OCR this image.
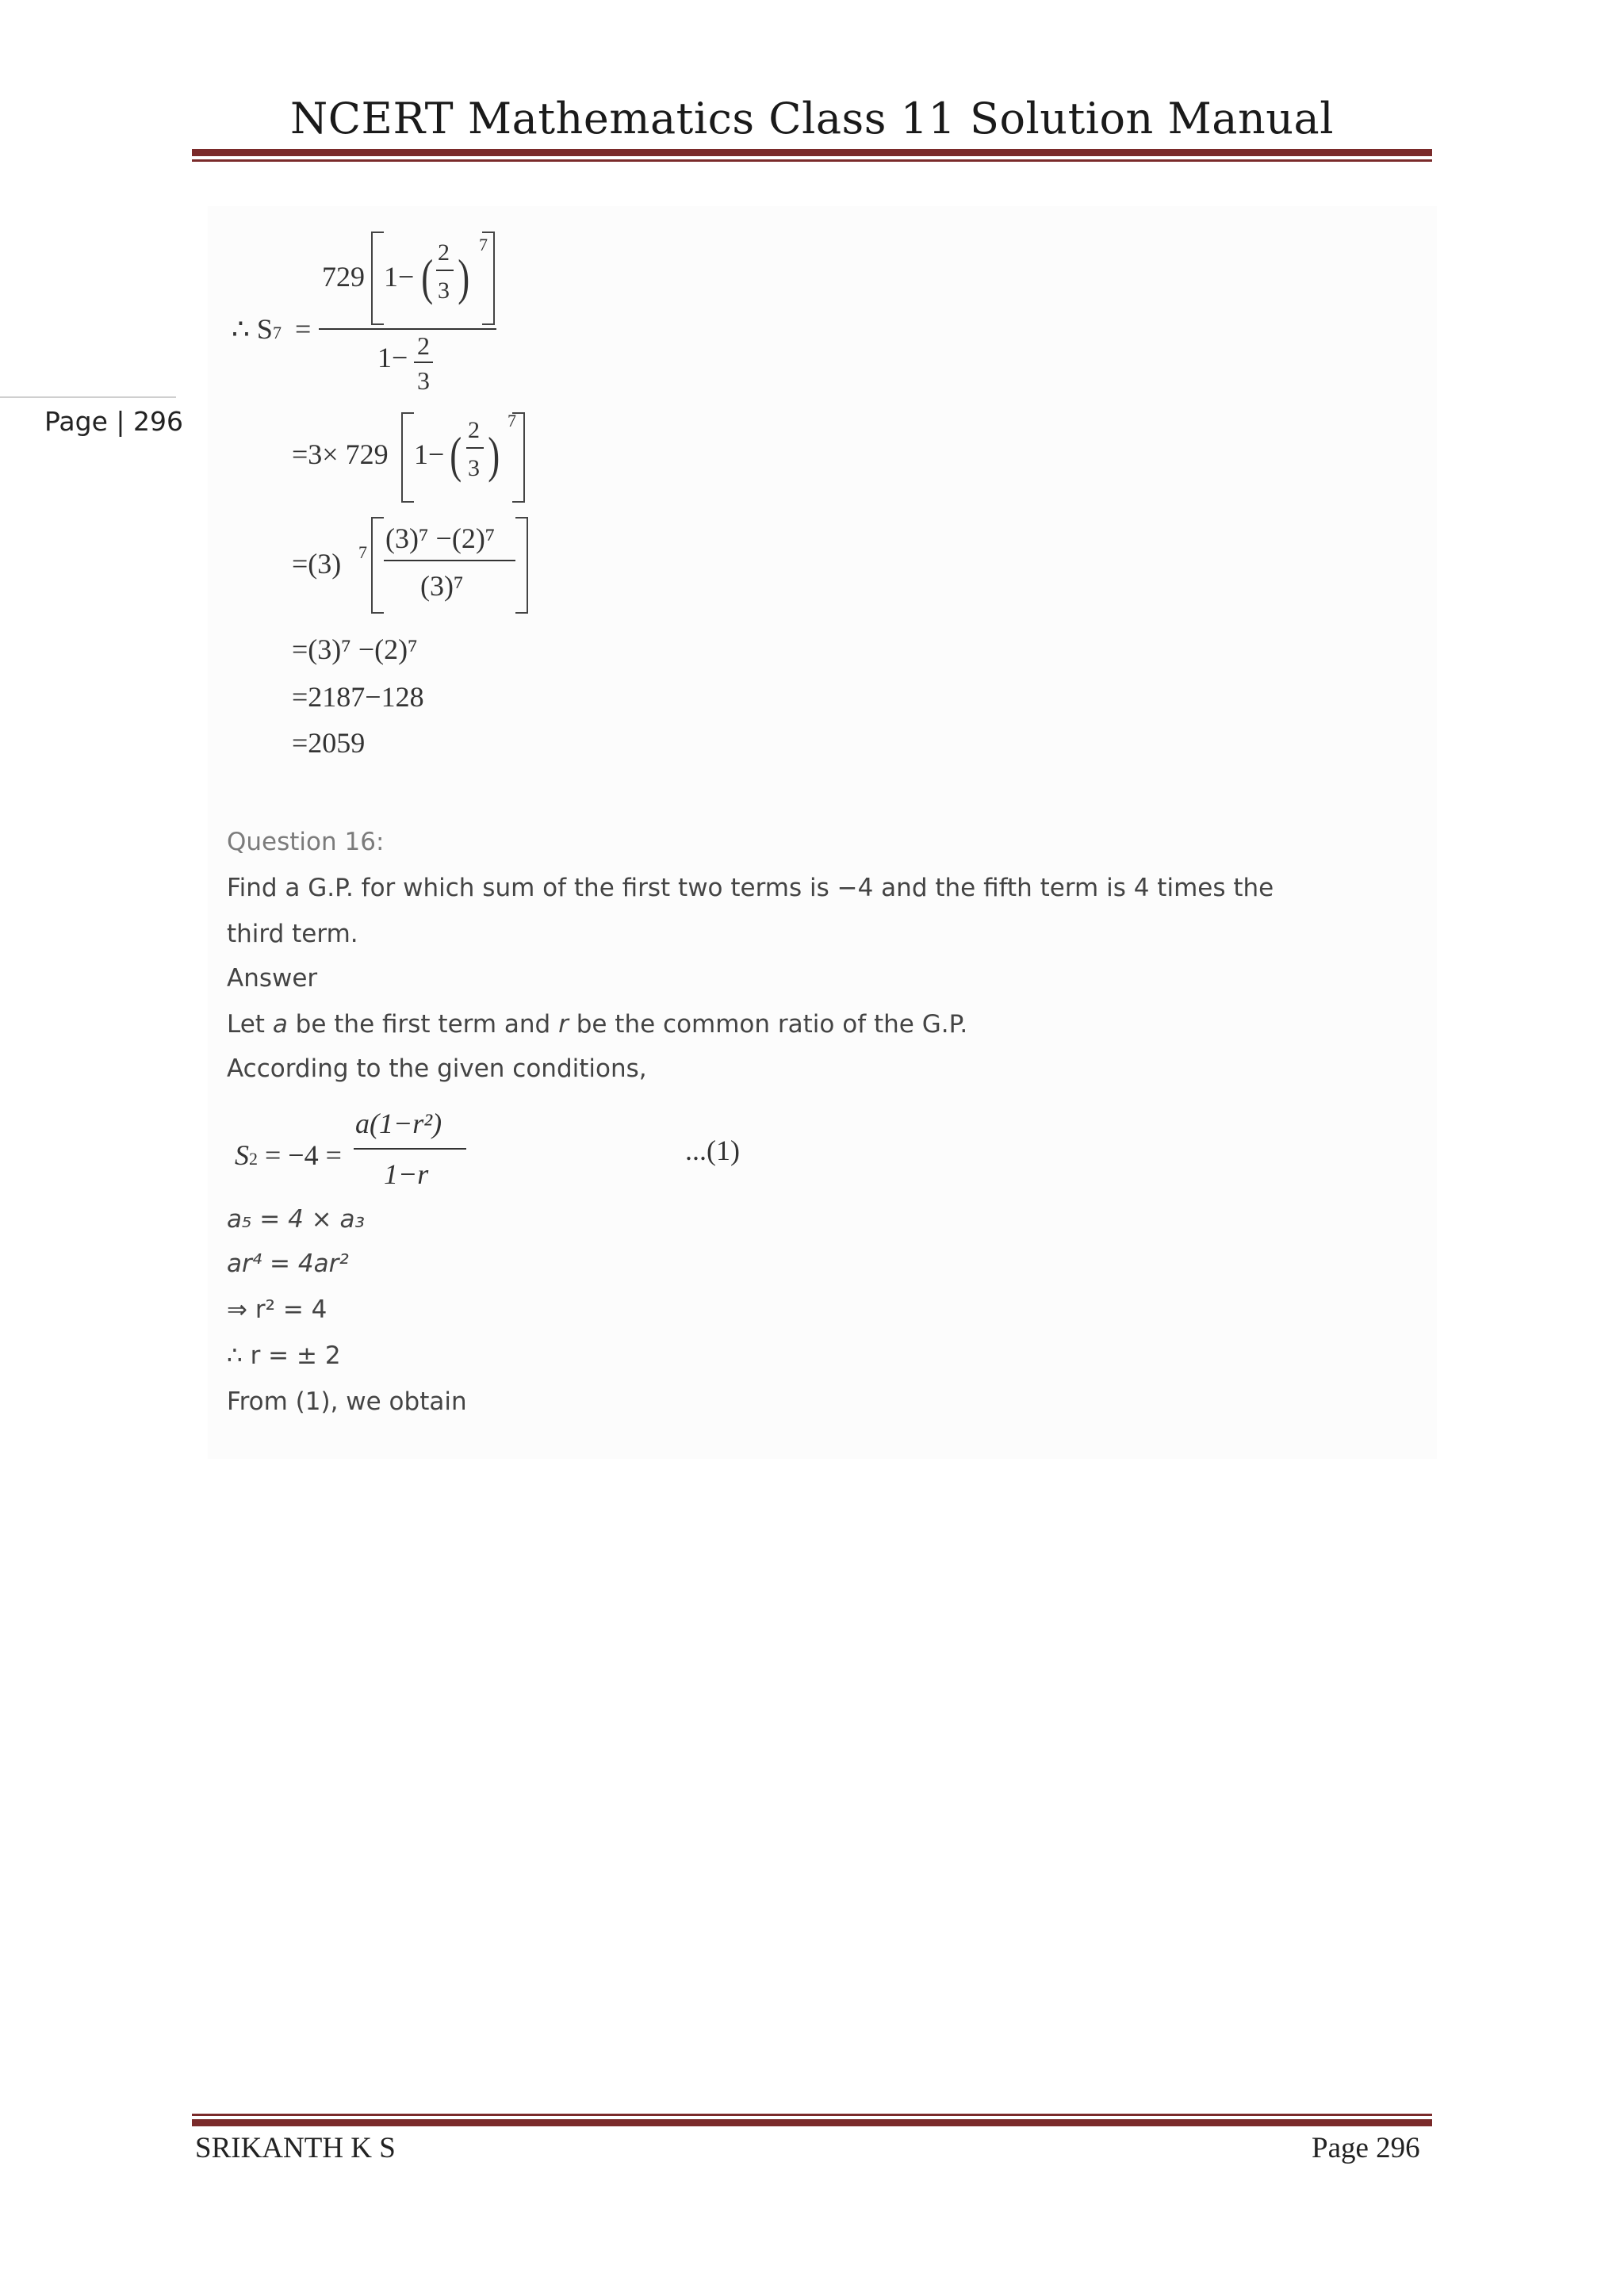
NCERT Mathematics Class 11 Solution Manual
Page | 296
∴ S7 =
729 1− ( 2
3 )
7
1− 2
3
=3× 729 1− ( 2
3 )
7
=(3) 7 (3)⁷ −(2)⁷
(3)⁷
=(3)⁷ −(2)⁷
=2187−128
=2059
Question 16:
Find a G.P. for which sum of the first two terms is −4 and the fifth term is 4 times the
third term.
Answer
Let a be the first term and r be the common ratio of the G.P.
According to the given conditions,
S2 = −4 =
a(1−r²)
1−r
...(1)
a₅ = 4 × a₃
ar⁴ = 4ar²
⇒ r² = 4
∴ r = ± 2
From (1), we obtain
SRIKANTH K S	Page 296
